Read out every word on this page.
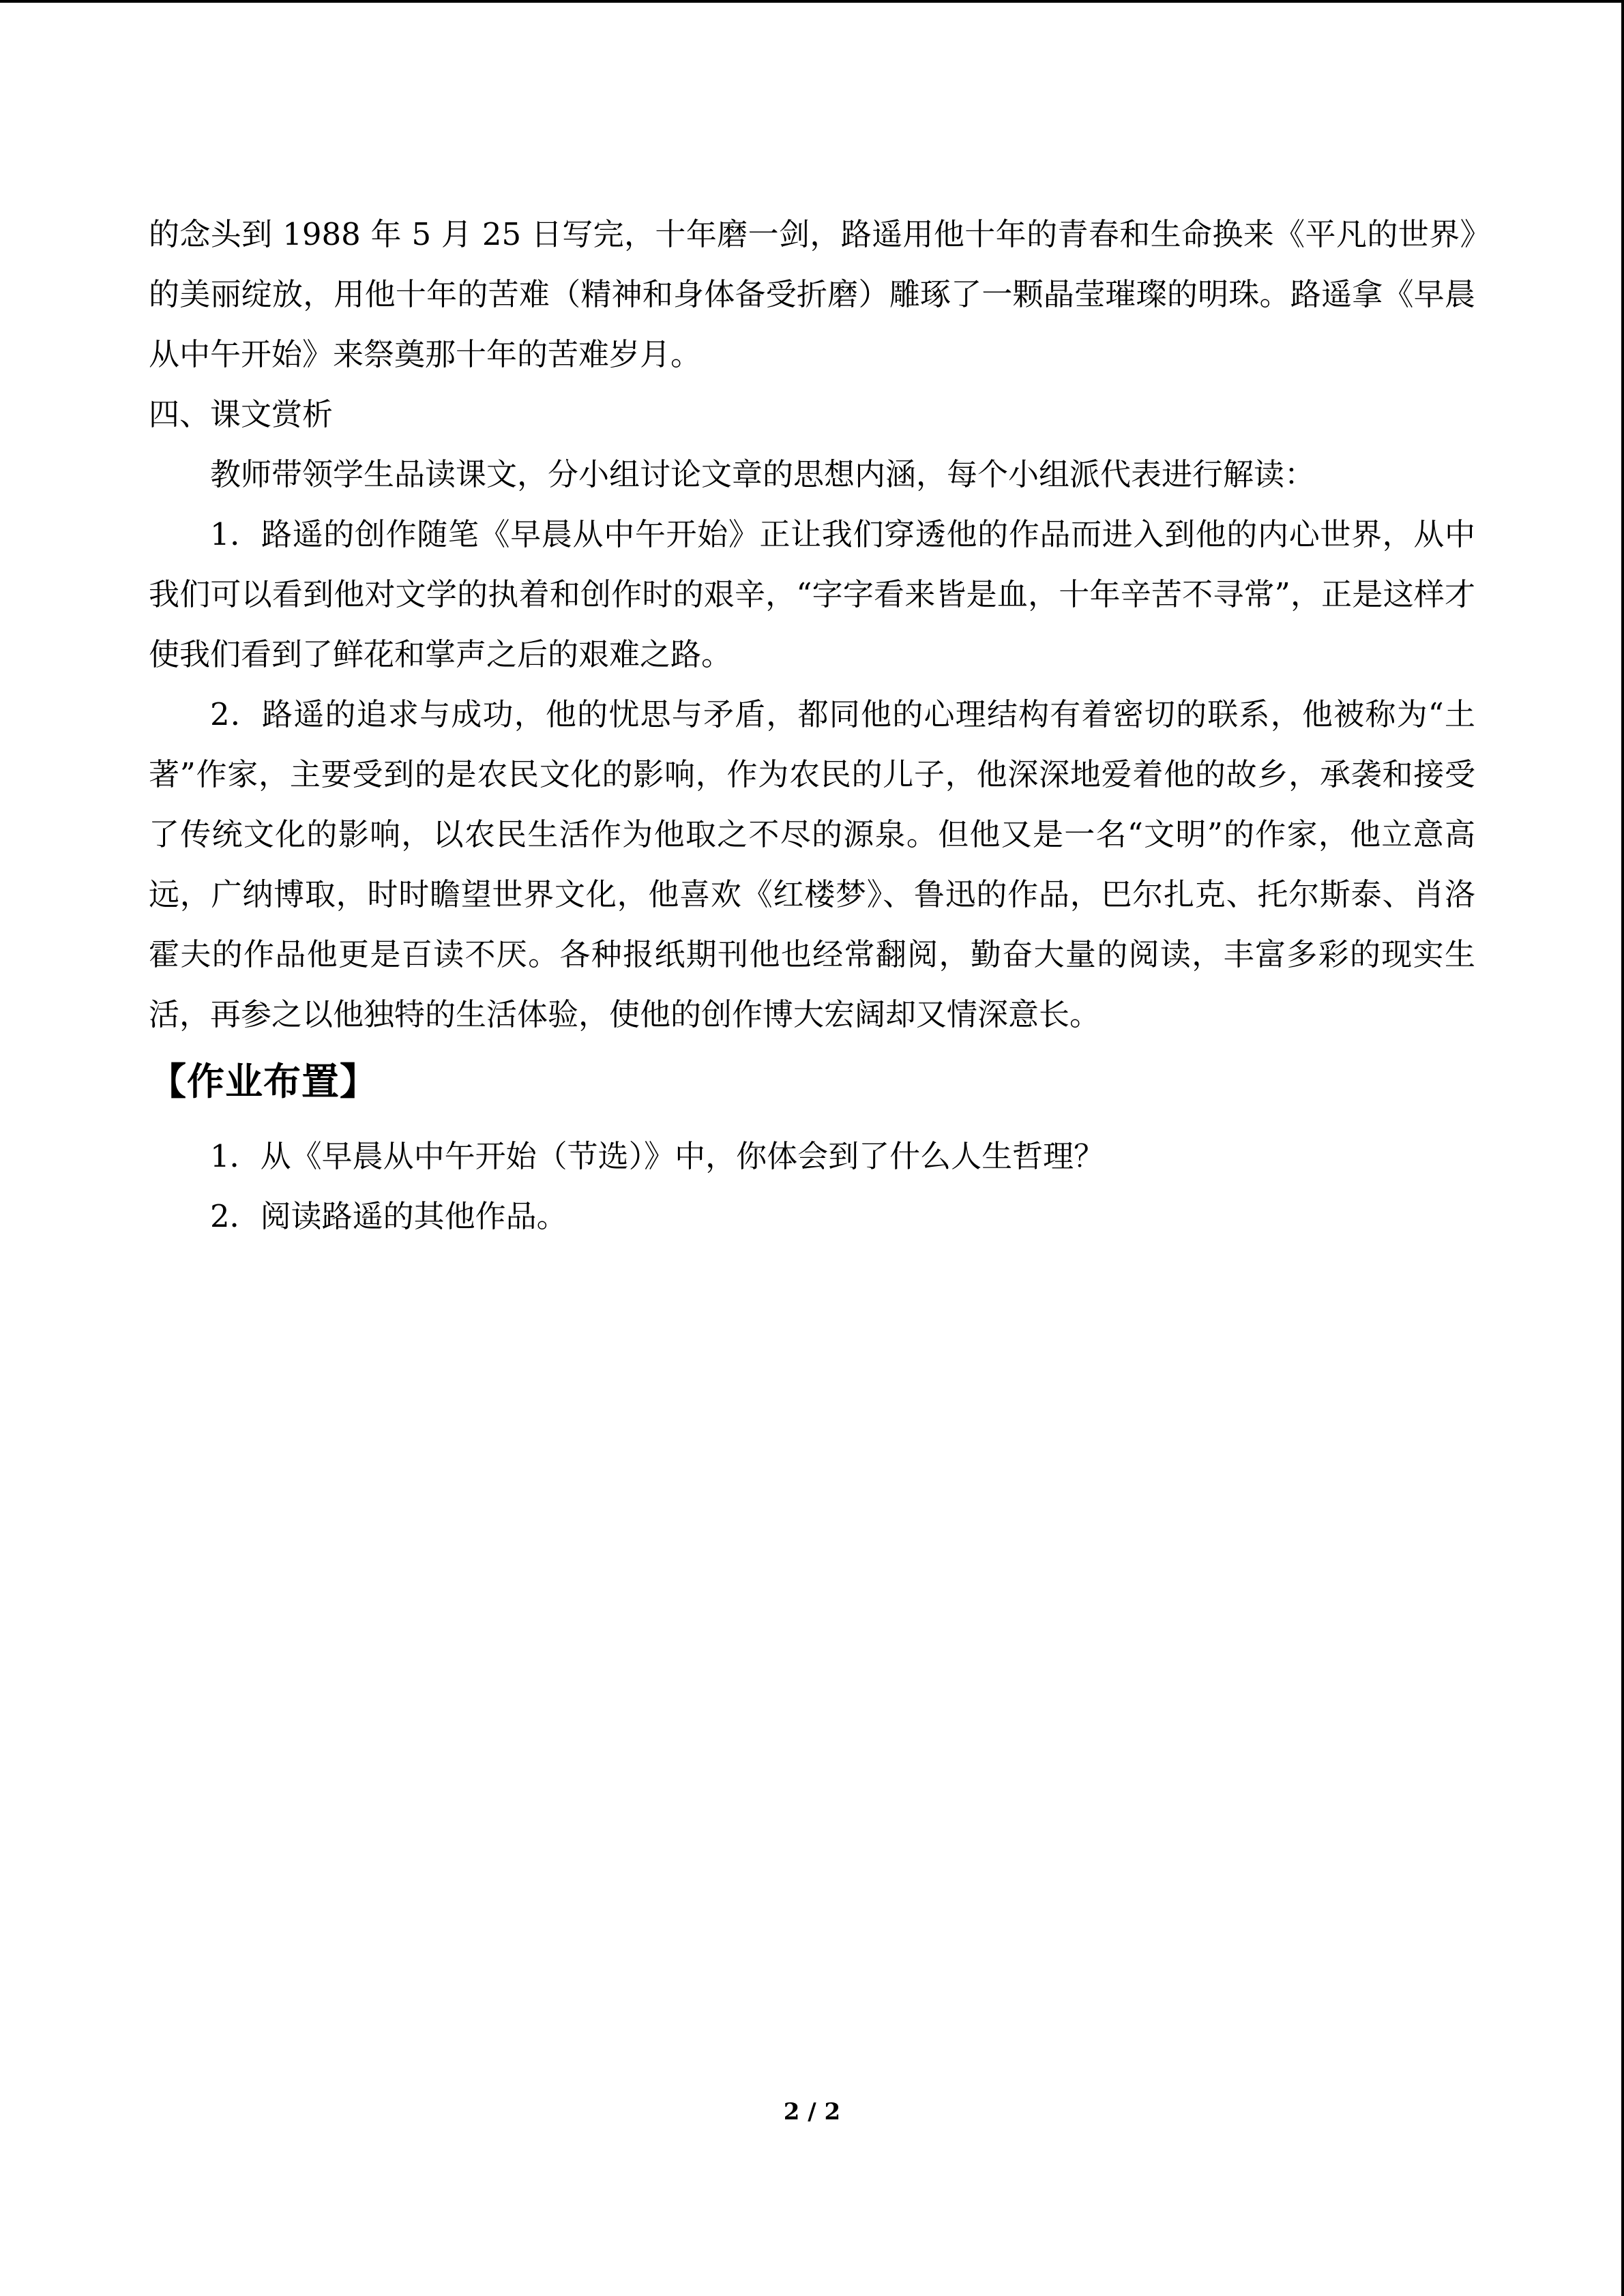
的念头到 1988 年 5 月 25 日写完，十年磨一剑，路遥用他十年的青春和生命换来《平凡的世界》的美丽绽放，用他十年的苦难（精神和身体备受折磨）雕琢了一颗晶莹璀璨的明珠。路遥拿《早晨从中午开始》来祭奠那十年的苦难岁月。

四、课文赏析

教师带领学生品读课文，分小组讨论文章的思想内涵，每个小组派代表进行解读：

1．路遥的创作随笔《早晨从中午开始》正让我们穿透他的作品而进入到他的内心世界，从中我们可以看到他对文学的执着和创作时的艰辛，“字字看来皆是血，十年辛苦不寻常”，正是这样才使我们看到了鲜花和掌声之后的艰难之路。

2．路遥的追求与成功，他的忧思与矛盾，都同他的心理结构有着密切的联系，他被称为“土著”作家，主要受到的是农民文化的影响，作为农民的儿子，他深深地爱着他的故乡，承袭和接受了传统文化的影响，以农民生活作为他取之不尽的源泉。但他又是一名“文明”的作家，他立意高远，广纳博取，时时瞻望世界文化，他喜欢《红楼梦》、鲁迅的作品，巴尔扎克、托尔斯泰、肖洛霍夫的作品他更是百读不厌。各种报纸期刊他也经常翻阅，勤奋大量的阅读，丰富多彩的现实生活，再参之以他独特的生活体验，使他的创作博大宏阔却又情深意长。

【作业布置】

1．从《早晨从中午开始（节选）》中，你体会到了什么人生哲理？

2．阅读路遥的其他作品。

2 / 2
